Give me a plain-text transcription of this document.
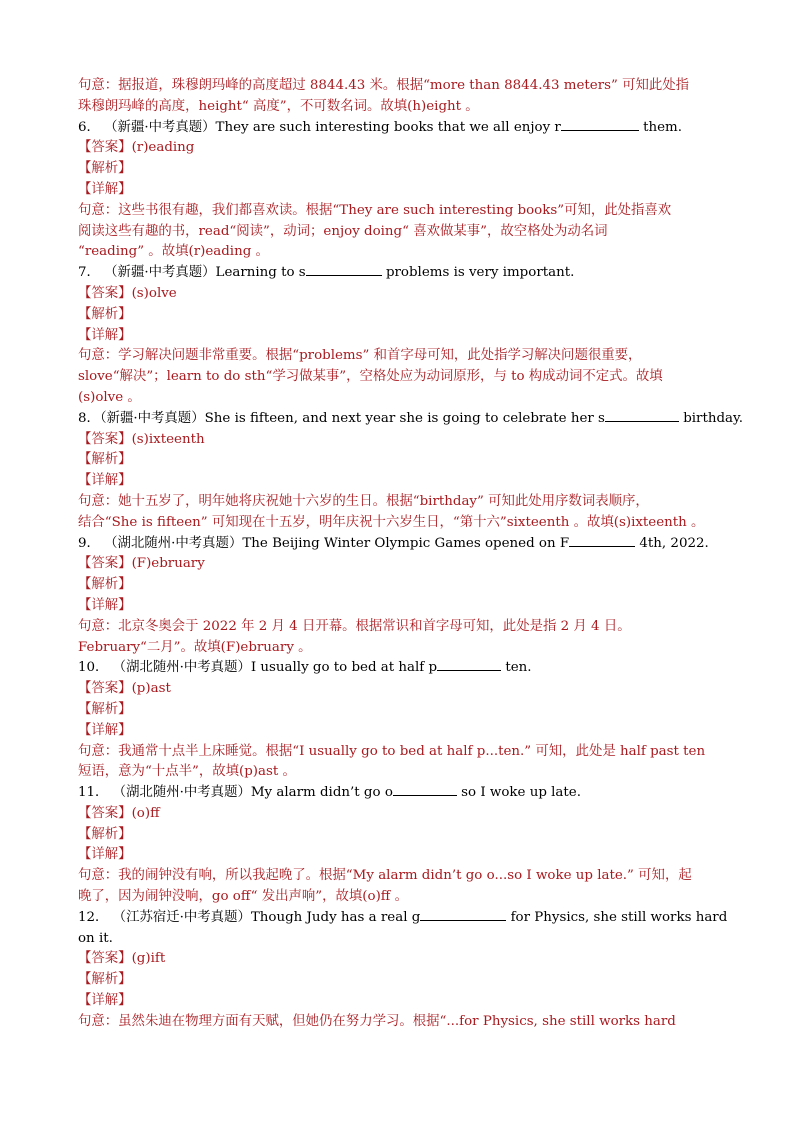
句意：据报道，珠穆朗玛峰的高度超过 8844.43 米。根据“more than 8844.43 meters” 可知此处指
珠穆朗玛峰的高度，height“ 高度”，不可数名词。故填(h)eight 。
6． （新疆·中考真题）They are such interesting books that we all enjoy r	them.
【答案】(r)eading
【解析】
【详解】
句意：这些书很有趣，我们都喜欢读。根据“They are such interesting books”可知，此处指喜欢
阅读这些有趣的书，read“阅读”，动词；enjoy doing“ 喜欢做某事”，故空格处为动名词
“reading” 。故填(r)eading 。
7． （新疆·中考真题）Learning to s	problems is very important.
【答案】(s)olve
【解析】
【详解】
句意：学习解决问题非常重要。根据“problems” 和首字母可知，此处指学习解决问题很重要，
slove“解决”；learn to do sth“学习做某事”，空格处应为动词原形，与 to 构成动词不定式。故填
(s)olve 。
8．（新疆·中考真题）She is fifteen, and next year she is going to celebrate her s	birthday.
【答案】(s)ixteenth
【解析】
【详解】
句意：她十五岁了，明年她将庆祝她十六岁的生日。根据“birthday” 可知此处用序数词表顺序，
结合“She is fifteen” 可知现在十五岁，明年庆祝十六岁生日，“第十六”sixteenth 。故填(s)ixteenth 。
9． （湖北随州·中考真题）The Beijing Winter Olympic Games opened on F	4th, 2022.
【答案】(F)ebruary
【解析】
【详解】
句意：北京冬奥会于 2022 年 2 月 4 日开幕。根据常识和首字母可知，此处是指 2 月 4 日。
February“二月”。故填(F)ebruary 。
10． （湖北随州·中考真题）I usually go to bed at half p	ten.
【答案】(p)ast
【解析】
【详解】
句意：我通常十点半上床睡觉。根据“I usually go to bed at half p...ten.” 可知，此处是 half past ten
短语，意为“十点半”，故填(p)ast 。
11． （湖北随州·中考真题）My alarm didn’t go o	so I woke up late.
【答案】(o)ff
【解析】
【详解】
句意：我的闹钟没有响，所以我起晚了。根据“My alarm didn’t go o...so I woke up late.” 可知，起
晚了，因为闹钟没响，go off“ 发出声响”，故填(o)ff 。
12． （江苏宿迁·中考真题）Though Judy has a real g	for Physics, she still works hard
on it.
【答案】(g)ift
【解析】
【详解】
句意：虽然朱迪在物理方面有天赋，但她仍在努力学习。根据“...for Physics, she still works hard
